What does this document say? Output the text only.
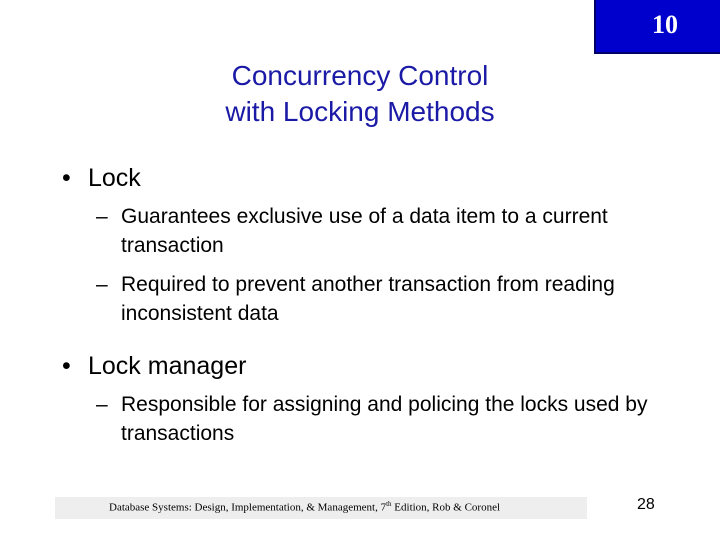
10
Concurrency Control
with Locking Methods
• Lock
– Guarantees exclusive use of a data item to a current transaction
– Required to prevent another transaction from reading inconsistent data
• Lock manager
– Responsible for assigning and policing the locks used by transactions
Database Systems: Design, Implementation, & Management, 7th Edition, Rob & Coronel	28
